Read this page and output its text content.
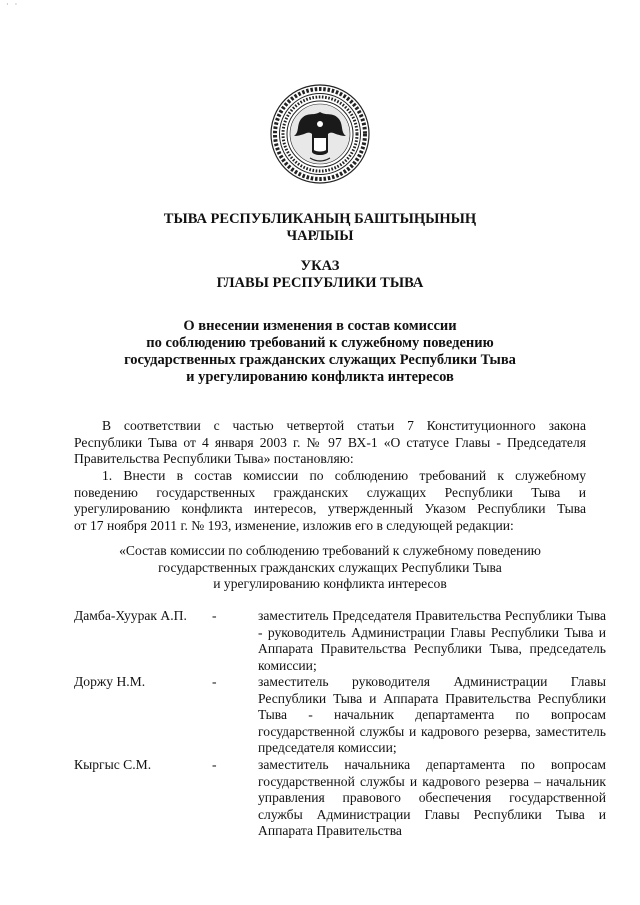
· ·
ТЫВА РЕСПУБЛИКАНЫҢ БАШТЫҢЫНЫҢ
ЧАРЛЫЫ
УКАЗ
ГЛАВЫ РЕСПУБЛИКИ ТЫВА
О внесении изменения в состав комиссии
по соблюдению требований к служебному поведению
государственных гражданских служащих Республики Тыва
и урегулированию конфликта интересов

В соответствии с частью четвертой статьи 7 Конституционного закона

Республики Тыва от 4 января 2003 г. № 97 ВХ-1 «О статусе Главы - Председателя

Правительства Республики Тыва» постановляю:

1. Внести в состав комиссии по соблюдению требований к служебному

поведению государственных гражданских служащих Республики Тыва и

урегулированию конфликта интересов, утвержденный Указом Республики Тыва

от 17 ноября 2011 г. № 193, изменение, изложив его в следующей редакции:

«Состав комиссии по соблюдению требований к служебному поведению
государственных гражданских служащих Республики Тыва
и урегулированию конфликта интересов
Дамба-Хуурак А.П.	-	заместитель Председателя Правительства Республики Тыва - руководитель Администрации Главы Республики Тыва и Аппарата Правительства Республики Тыва, председатель комиссии;
Доржу Н.М.	-	заместитель руководителя Администрации Главы Республики Тыва и Аппарата Правительства Республики Тыва - начальник департамента по вопросам государственной службы и кадрового резерва, заместитель председателя комиссии;
Кыргыс С.М.	-	заместитель начальника департамента по вопросам государственной службы и кадрового резерва – начальник управления правового обеспечения государственной службы Администрации Главы Республики Тыва и Аппарата Правительства
